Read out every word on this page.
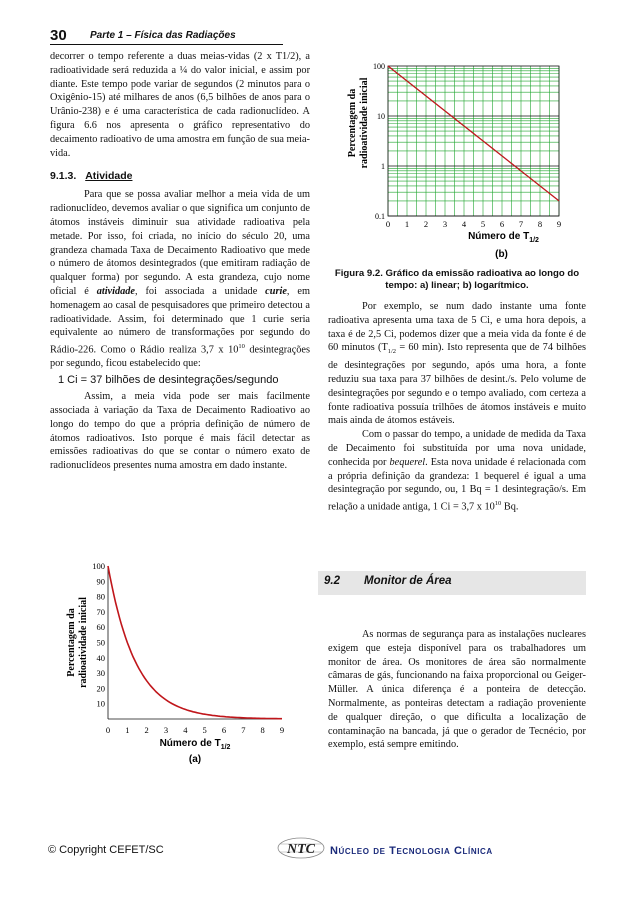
30 Parte 1 – Física das Radiações

decorrer o tempo referente a duas meias-vidas (2 x T1/2), a radioatividade será reduzida a ¼ do valor inicial, e assim por diante. Este tempo pode variar de segundos (2 minutos para o Oxigênio-15) até milhares de anos (6,5 bilhões de anos para o Urânio-238) e é uma característica de cada radionuclídeo. A figura 6.6 nos apresenta o gráfico representativo do decaimento radioativo de uma amostra em função de sua meia-vida.

9.1.3. Atividade

Para que se possa avaliar melhor a meia vida de um radionuclídeo, devemos avaliar o que significa um conjunto de átomos instáveis diminuir sua atividade radioativa pela metade. Por isso, foi criada, no início do século 20, uma grandeza chamada Taxa de Decaimento Radioativo que mede o número de átomos desintegrados (que emitiram radiação de qualquer forma) por segundo. A esta grandeza, cujo nome oficial é atividade, foi associada a unidade curie, em homenagem ao casal de pesquisadores que primeiro detectou a radioatividade. Assim, foi determinado que 1 curie seria equivalente ao número de transformações por segundo do Rádio-226. Como o Rádio realiza 3,7 x $10^{10}$ desintegrações por segundo, ficou estabelecido que:

1 Ci = 37 bilhões de desintegrações/segundo

Assim, a meia vida pode ser mais facilmente associada à variação da Taxa de Decaimento Radioativo ao longo do tempo do que a própria definição de número de átomos radioativos. Isto porque é mais fácil detectar as emissões radioativas do que se contar o número exato de radionuclídeos presentes numa amostra em dado instante.

Percentagem daradioatividade inicial
10
20
30
40
50
60
70
80
90
100
0 1 2 3 4 5 6 7 8 9
Número de $T_{1/2}$
(a)
Percentagem daradioatividade inicial
0.1
1
10
100
0 1 2 3 4 5 6 7 8 9
Número de $T_{1/2}$
(b)

Figura 9.2. Gráfico da emissão radioativa ao longo do tempo: a) linear; b) logarítmico.

Por exemplo, se num dado instante uma fonte radioativa apresenta uma taxa de 5 Ci, e uma hora depois, a taxa é de 2,5 Ci, podemos dizer que a meia vida da fonte é de 60 minutos ($T_{1/2} = 60$ min). Isto representa que de 74 bilhões de desintegrações por segundo, após uma hora, a fonte reduziu sua taxa para 37 bilhões de desint./s. Pelo volume de desintegrações por segundo e o tempo avaliado, com certeza a fonte radioativa possuía trilhões de átomos instáveis e muito mais ainda de átomos estáveis.

Com o passar do tempo, a unidade de medida da Taxa de Decaimento foi substituída por uma nova unidade, conhecida por bequerel. Esta nova unidade é relacionada com a própria definição da grandeza: 1 bequerel é igual a uma desintegração por segundo, ou, 1 Bq = 1 desintegração/s. Em relação a unidade antiga, 1 Ci = 3,7 x $10^{10}$ Bq.

9.2 Monitor de Área

As normas de segurança para as instalações nucleares exigem que esteja disponível para os trabalhadores um monitor de área. Os monitores de área são normalmente câmaras de gás, funcionando na faixa proporcional ou Geiger-Müller. A única diferença é a ponteira de detecção. Normalmente, as ponteiras detectam a radiação proveniente de qualquer direção, o que dificulta a localização de contaminação na bancada, já que o gerador de Tecnécio, por exemplo, está sempre emitindo.

© Copyright CEFET/SC	NTC Núcleo de Tecnologia Clínica
